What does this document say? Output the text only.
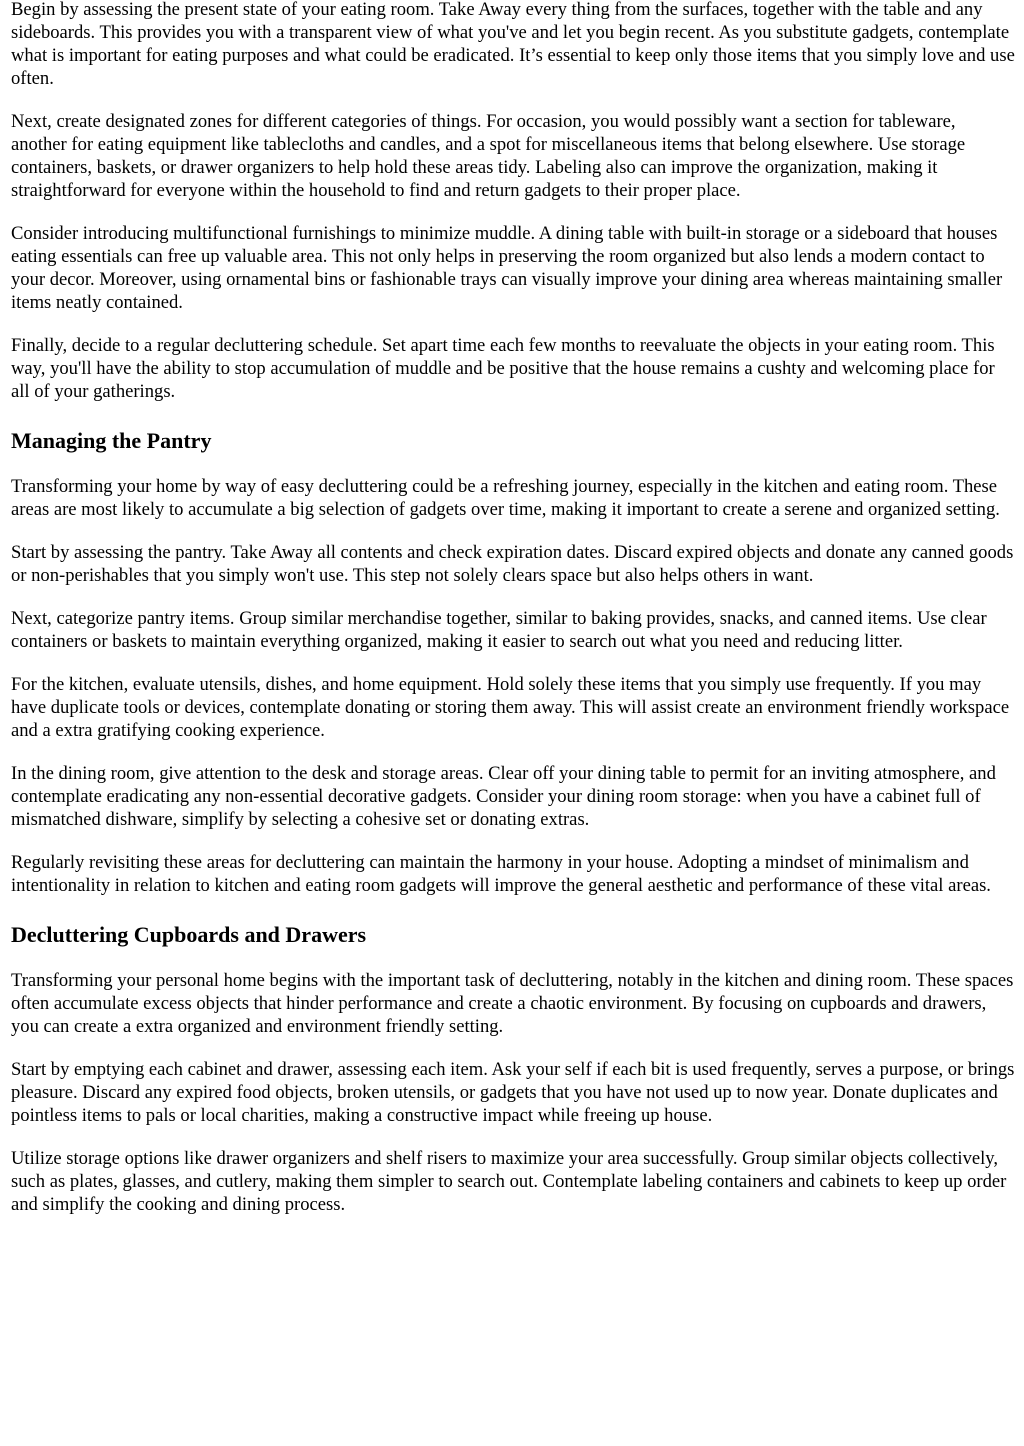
Begin by assessing the present state of your eating room. Take Away every thing from the surfaces, together with the table and any sideboards. This provides you with a transparent view of what you've and let you begin recent. As you substitute gadgets, contemplate what is important for eating purposes and what could be eradicated. It’s essential to keep only those items that you simply love and use often.

Next, create designated zones for different categories of things. For occasion, you would possibly want a section for tableware, another for eating equipment like tablecloths and candles, and a spot for miscellaneous items that belong elsewhere. Use storage containers, baskets, or drawer organizers to help hold these areas tidy. Labeling also can improve the organization, making it straightforward for everyone within the household to find and return gadgets to their proper place.

Consider introducing multifunctional furnishings to minimize muddle. A dining table with built-in storage or a sideboard that houses eating essentials can free up valuable area. This not only helps in preserving the room organized but also lends a modern contact to your decor. Moreover, using ornamental bins or fashionable trays can visually improve your dining area whereas maintaining smaller items neatly contained.

Finally, decide to a regular decluttering schedule. Set apart time each few months to reevaluate the objects in your eating room. This way, you'll have the ability to stop accumulation of muddle and be positive that the house remains a cushty and welcoming place for all of your gatherings.

Managing the Pantry

Transforming your home by way of easy decluttering could be a refreshing journey, especially in the kitchen and eating room. These areas are most likely to accumulate a big selection of gadgets over time, making it important to create a serene and organized setting.

Start by assessing the pantry. Take Away all contents and check expiration dates. Discard expired objects and donate any canned goods or non-perishables that you simply won't use. This step not solely clears space but also helps others in want.

Next, categorize pantry items. Group similar merchandise together, similar to baking provides, snacks, and canned items. Use clear containers or baskets to maintain everything organized, making it easier to search out what you need and reducing litter.

For the kitchen, evaluate utensils, dishes, and home equipment. Hold solely these items that you simply use frequently. If you may have duplicate tools or devices, contemplate donating or storing them away. This will assist create an environment friendly workspace and a extra gratifying cooking experience.

In the dining room, give attention to the desk and storage areas. Clear off your dining table to permit for an inviting atmosphere, and contemplate eradicating any non-essential decorative gadgets. Consider your dining room storage: when you have a cabinet full of mismatched dishware, simplify by selecting a cohesive set or donating extras.

Regularly revisiting these areas for decluttering can maintain the harmony in your house. Adopting a mindset of minimalism and intentionality in relation to kitchen and eating room gadgets will improve the general aesthetic and performance of these vital areas.

Decluttering Cupboards and Drawers

Transforming your personal home begins with the important task of decluttering, notably in the kitchen and dining room. These spaces often accumulate excess objects that hinder performance and create a chaotic environment. By focusing on cupboards and drawers, you can create a extra organized and environment friendly setting.

Start by emptying each cabinet and drawer, assessing each item. Ask your self if each bit is used frequently, serves a purpose, or brings pleasure. Discard any expired food objects, broken utensils, or gadgets that you have not used up to now year. Donate duplicates and pointless items to pals or local charities, making a constructive impact while freeing up house.

Utilize storage options like drawer organizers and shelf risers to maximize your area successfully. Group similar objects collectively, such as plates, glasses, and cutlery, making them simpler to search out. Contemplate labeling containers and cabinets to keep up order and simplify the cooking and dining process.
